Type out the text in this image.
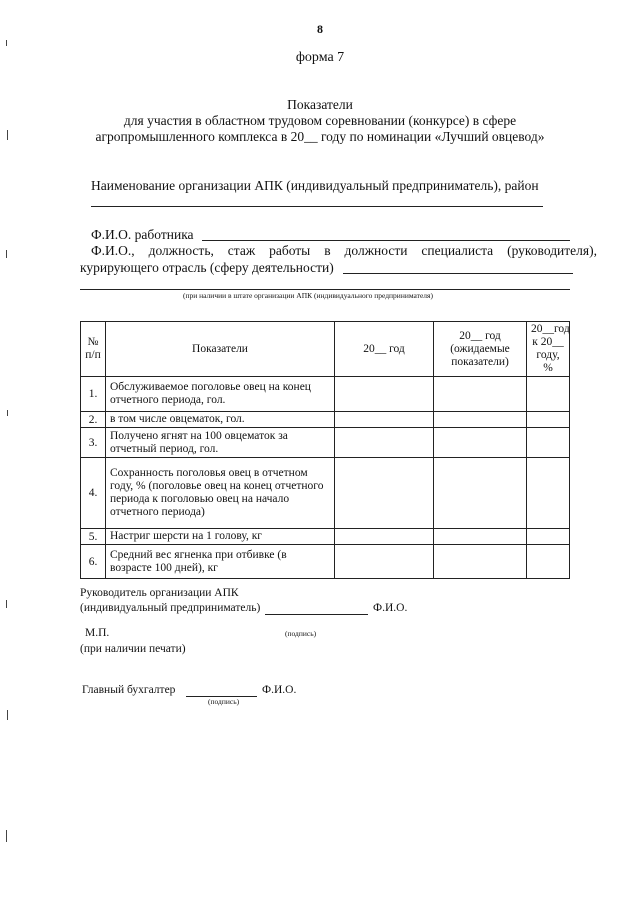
8
форма 7
Показатели
для участия в областном трудовом соревновании (конкурсе) в сфере
агропромышленного комплекса в 20__ году по номинации «Лучший овцевод»
Наименование организации АПК (индивидуальный предприниматель), район
Ф.И.О. работника
Ф.И.О., должность, стаж работы в должности специалиста (руководителя),
курирующего отрасль (сферу деятельности)
(при наличии в штате организации АПК (индивидуального предпринимателя)
№ п/п	Показатели	20__ год	20__ год (ожидаемые показатели)	20__год к 20__ году, %
1.	Обслуживаемое поголовье овец на конец отчетного периода, гол.			
2.	в том числе овцематок, гол.			
3.	Получено ягнят на 100 овцематок за отчетный период, гол.			
4.	Сохранность поголовья овец в отчетном году, % (поголовье овец на конец отчетного периода к поголовью овец на начало отчетного периода)			
5.	Настриг шерсти на 1 голову, кг			
6.	Средний вес ягненка при отбивке (в возрасте 100 дней), кг			
Руководитель организации АПК
(индивидуальный предприниматель)	Ф.И.О.
(подпись)
М.П.
(при наличии печати)
Главный бухгалтер	Ф.И.О.
(подпись)
